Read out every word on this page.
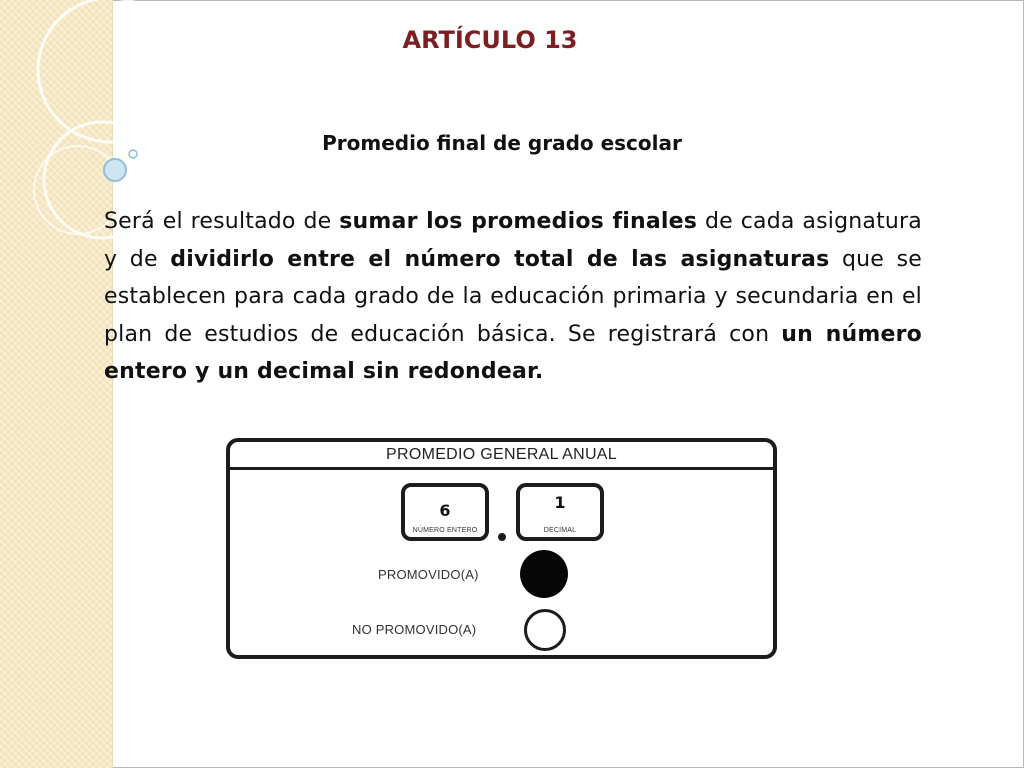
ARTÍCULO 13
Promedio final de grado escolar
Será el resultado de sumar los promedios finales de cada asignatura y de dividirlo entre el número total de las asignaturas que se establecen para cada grado de la educación primaria y secundaria en el plan de estudios de educación básica. Se registrará con un número entero y un decimal sin redondear.
PROMEDIO GENERAL ANUAL
6
NÚMERO ENTERO
1
DECIMAL
PROMOVIDO(A)
NO PROMOVIDO(A)
